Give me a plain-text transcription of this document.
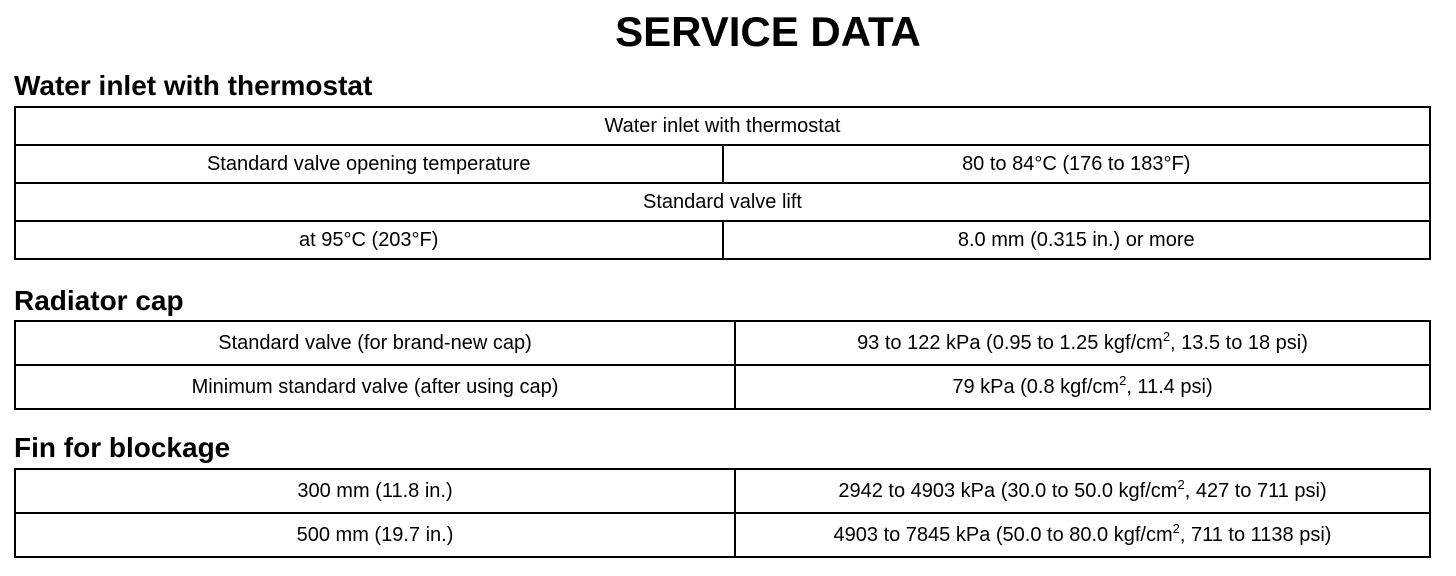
SERVICE DATA
Water inlet with thermostat
Water inlet with thermostat	
Standard valve opening temperature	80 to 84°C (176 to 183°F)
Standard valve lift	
at 95°C (203°F)	8.0 mm (0.315 in.) or more
Radiator cap
Standard valve (for brand-new cap)	93 to 122 kPa (0.95 to 1.25 kgf/$cm^2$, 13.5 to 18 psi)
Minimum standard valve (after using cap)	79 kPa (0.8 kgf/$cm^2$, 11.4 psi)
Fin for blockage
300 mm (11.8 in.)	2942 to 4903 kPa (30.0 to 50.0 kgf/$cm^2$, 427 to 711 psi)
500 mm (19.7 in.)	4903 to 7845 kPa (50.0 to 80.0 kgf/$cm^2$, 711 to 1138 psi)
